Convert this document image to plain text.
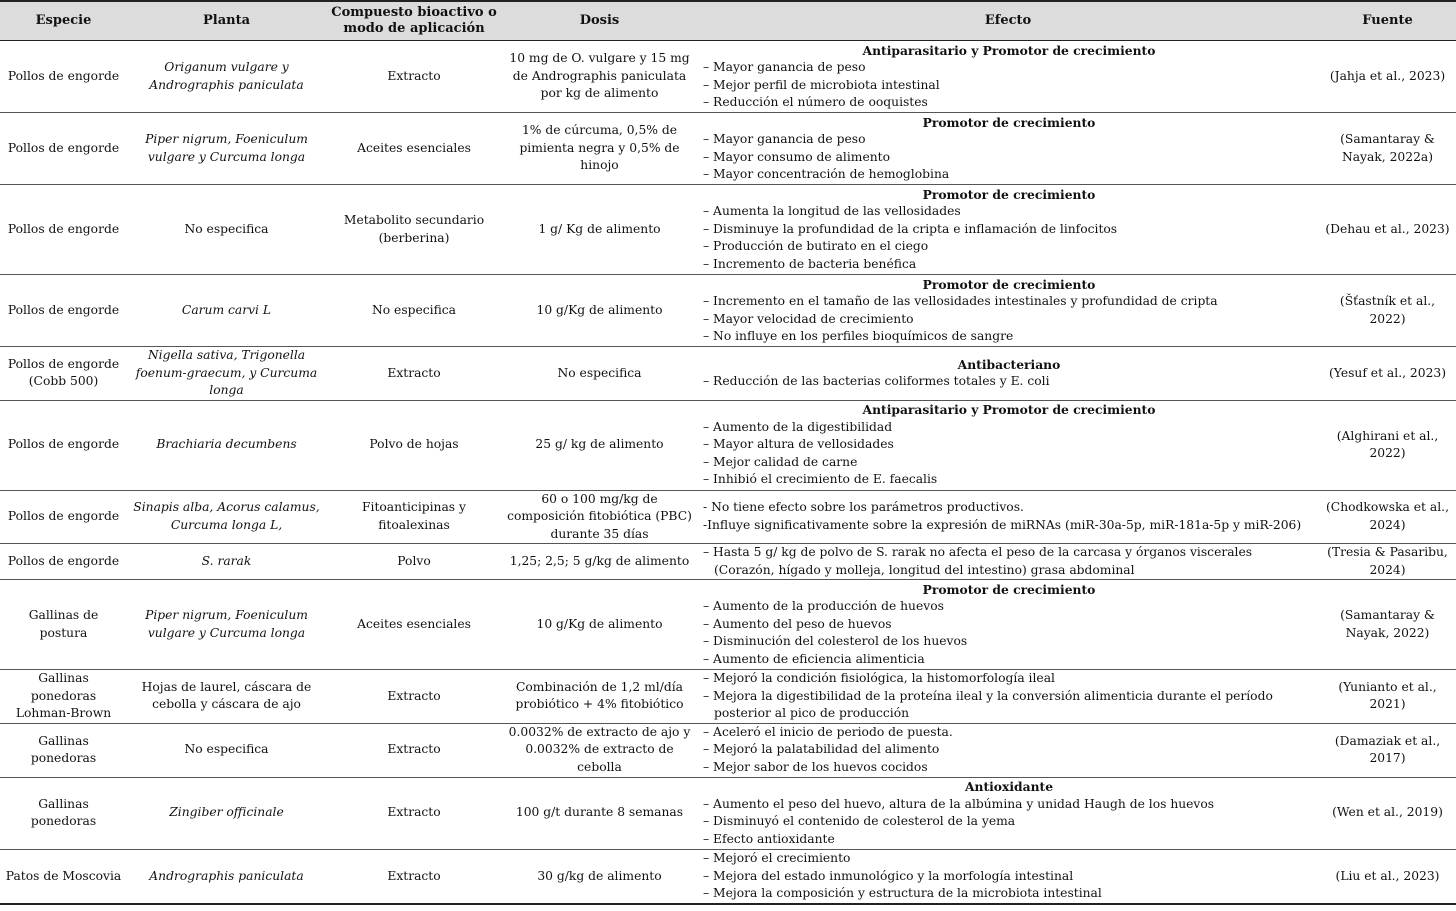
Especie	Planta	Compuesto bioactivo o modo de aplicación	Dosis	Efecto	Fuente
Pollos de engorde	Origanum vulgare y Andrographis paniculata	Extracto	10 mg de O. vulgare y 15 mg de Andrographis paniculata por kg de alimento	Antiparasitario y Promotor de crecimiento
– Mayor ganancia de peso
– Mejor perfil de microbiota intestinal
– Reducción el número de ooquistes	(Jahja et al., 2023)
Pollos de engorde	Piper nigrum, Foeniculum vulgare y Curcuma longa	Aceites esenciales	1% de cúrcuma, 0,5% de pimienta negra y 0,5% de hinojo	Promotor de crecimiento
– Mayor ganancia de peso
– Mayor consumo de alimento
– Mayor concentración de hemoglobina	(Samantaray & Nayak, 2022a)
Pollos de engorde	No especifica	Metabolito secundario (berberina)	1 g/ Kg de alimento	Promotor de crecimiento
– Aumenta la longitud de las vellosidades
– Disminuye la profundidad de la cripta e inflamación de linfocitos
– Producción de butirato en el ciego
– Incremento de bacteria benéfica	(Dehau et al., 2023)
Pollos de engorde	Carum carvi L	No especifica	10 g/Kg de alimento	Promotor de crecimiento
– Incremento en el tamaño de las vellosidades intestinales y profundidad de cripta
– Mayor velocidad de crecimiento
– No influye en los perfiles bioquímicos de sangre	(Šťastník et al., 2022)
Pollos de engorde (Cobb 500)	Nigella sativa, Trigonella foenum-graecum, y Curcuma longa	Extracto	No especifica	Antibacteriano
– Reducción de las bacterias coliformes totales y E. coli	(Yesuf et al., 2023)
Pollos de engorde	Brachiaria decumbens	Polvo de hojas	25 g/ kg de alimento	Antiparasitario y Promotor de crecimiento
– Aumento de la digestibilidad
– Mayor altura de vellosidades
– Mejor calidad de carne
– Inhibió el crecimiento de E. faecalis	(Alghirani et al., 2022)
Pollos de engorde	Sinapis alba, Acorus calamus, Curcuma longa L,	Fitoanticipinas y fitoalexinas	60 o 100 mg/kg de composición fitobiótica (PBC) durante 35 días	- No tiene efecto sobre los parámetros productivos.
-Influye significativamente sobre la expresión de miRNAs (miR-30a-5p, miR-181a-5p y miR-206)	(Chodkowska et al., 2024)
Pollos de engorde	S. rarak	Polvo	1,25; 2,5; 5 g/kg de alimento	– Hasta 5 g/ kg de polvo de S. rarak no afecta el peso de la carcasa y órganos viscerales (Corazón, hígado y molleja, longitud del intestino) grasa abdominal	(Tresia & Pasaribu, 2024)
Gallinas de postura	Piper nigrum, Foeniculum vulgare y Curcuma longa	Aceites esenciales	10 g/Kg de alimento	Promotor de crecimiento
– Aumento de la producción de huevos
– Aumento del peso de huevos
– Disminución del colesterol de los huevos
– Aumento de eficiencia alimenticia	(Samantaray & Nayak, 2022)
Gallinas ponedoras Lohman-Brown	Hojas de laurel, cáscara de cebolla y cáscara de ajo	Extracto	Combinación de 1,2 ml/día probiótico + 4% fitobiótico	– Mejoró la condición fisiológica, la histomorfología ileal
– Mejora la digestibilidad de la proteína ileal y la conversión alimenticia durante el período posterior al pico de producción	(Yunianto et al., 2021)
Gallinas ponedoras	No especifica	Extracto	0.0032% de extracto de ajo y 0.0032% de extracto de cebolla	– Aceleró el inicio de periodo de puesta.
– Mejoró la palatabilidad del alimento
– Mejor sabor de los huevos cocidos	(Damaziak et al., 2017)
Gallinas ponedoras	Zingiber officinale	Extracto	100 g/t durante 8 semanas	Antioxidante
– Aumento el peso del huevo, altura de la albúmina y unidad Haugh de los huevos
– Disminuyó el contenido de colesterol de la yema
– Efecto antioxidante	(Wen et al., 2019)
Patos de Moscovia	Andrographis paniculata	Extracto	30 g/kg de alimento	– Mejoró el crecimiento
– Mejora del estado inmunológico y la morfología intestinal
– Mejora la composición y estructura de la microbiota intestinal	(Liu et al., 2023)
